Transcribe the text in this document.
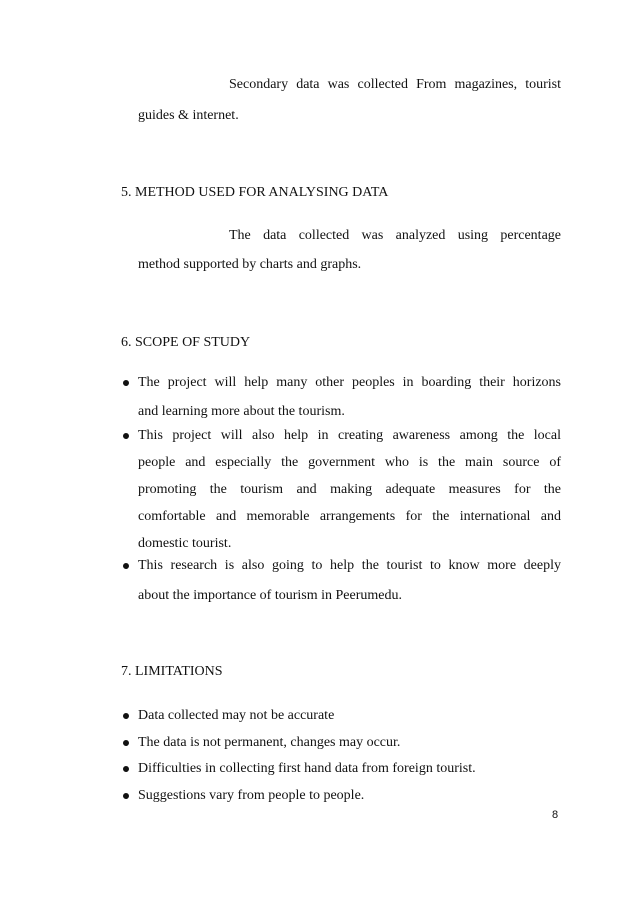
Secondary data was collected From magazines, tourist
guides & internet.
5. METHOD USED FOR ANALYSING DATA
The data collected was analyzed using percentage
method supported by charts and graphs.
6. SCOPE OF STUDY
The project will help many other peoples in boarding their horizons
and learning more about the tourism.
This project will also help in creating awareness among the local
people and especially the government who is the main source of
promoting the tourism and making adequate measures for the
comfortable and memorable arrangements for the international and
domestic tourist.
This research is also going to help the tourist to know more deeply
about the importance of tourism in Peerumedu.
7. LIMITATIONS
Data collected may not be accurate
The data is not permanent, changes may occur.
Difficulties in collecting first hand data from foreign tourist.
Suggestions vary from people to people.
8
